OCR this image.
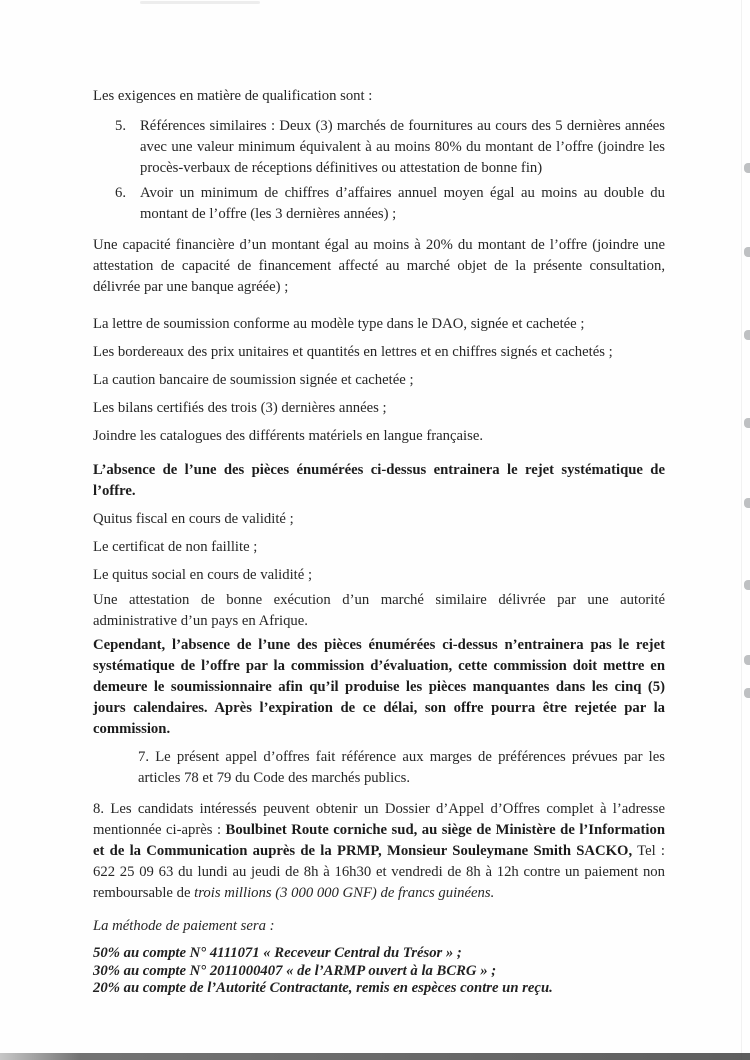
Les exigences en matière de qualification sont :

5. Références similaires : Deux (3) marchés de fournitures au cours des 5 dernières années avec une valeur minimum équivalent à au moins 80% du montant de l’offre (joindre les procès-verbaux de réceptions définitives ou attestation de bonne fin)
6. Avoir un minimum de chiffres d’affaires annuel moyen égal au moins au double du montant de l’offre (les 3 dernières années) ;

Une capacité financière d’un montant égal au moins à 20% du montant de l’offre (joindre une attestation de capacité de financement affecté au marché objet de la présente consultation, délivrée par une banque agréée) ;

La lettre de soumission conforme au modèle type dans le DAO, signée et cachetée ;

Les bordereaux des prix unitaires et quantités en lettres et en chiffres signés et cachetés ;

La caution bancaire de soumission signée et cachetée ;

Les bilans certifiés des trois (3) dernières années ;

Joindre les catalogues des différents matériels en langue française.

L’absence de l’une des pièces énumérées ci-dessus entrainera le rejet systématique de l’offre.

Quitus fiscal en cours de validité ;

Le certificat de non faillite ;

Le quitus social en cours de validité ;

Une attestation de bonne exécution d’un marché similaire délivrée par une autorité administrative d’un pays en Afrique.

Cependant, l’absence de l’une des pièces énumérées ci-dessus n’entrainera pas le rejet systématique de l’offre par la commission d’évaluation, cette commission doit mettre en demeure le soumissionnaire afin qu’il produise les pièces manquantes dans les cinq (5) jours calendaires. Après l’expiration de ce délai, son offre pourra être rejetée par la commission.

7. Le présent appel d’offres fait référence aux marges de préférences prévues par les articles 78 et 79 du Code des marchés publics.

8. Les candidats intéressés peuvent obtenir un Dossier d’Appel d’Offres complet à l’adresse mentionnée ci-après : Boulbinet Route corniche sud, au siège de Ministère de l’Information et de la Communication auprès de la PRMP, Monsieur Souleymane Smith SACKO, Tel : 622 25 09 63 du lundi au jeudi de 8h à 16h30 et vendredi de 8h à 12h contre un paiement non remboursable de trois millions (3 000 000 GNF) de francs guinéens.

La méthode de paiement sera :

50% au compte N° 4111071 « Receveur Central du Trésor » ;

30% au compte N° 2011000407 « de l’ARMP ouvert à la BCRG » ;

20% au compte de l’Autorité Contractante, remis en espèces contre un reçu.
